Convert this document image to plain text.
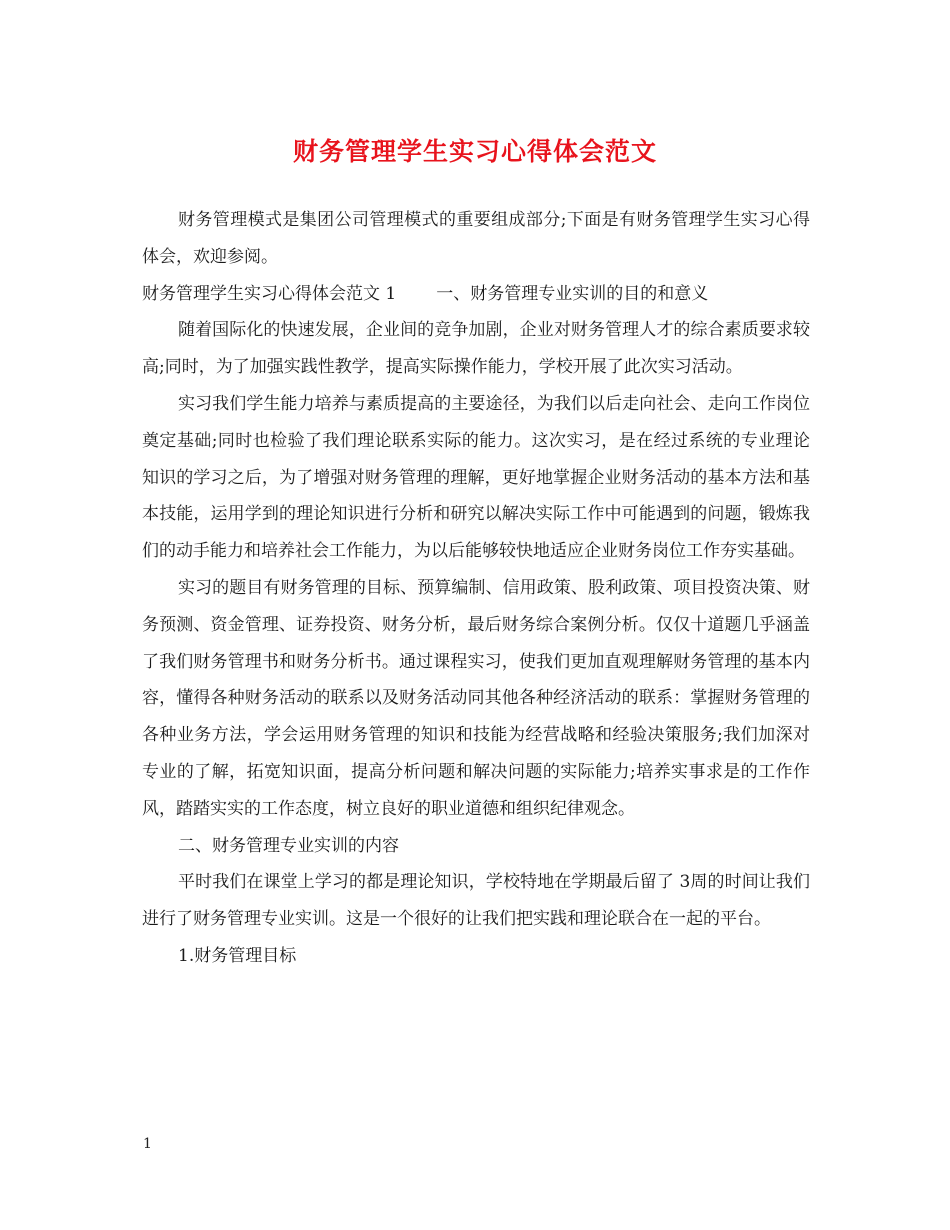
财务管理学生实习心得体会范文

财务管理模式是集团公司管理模式的重要组成部分;下面是有财务管理学生实习心得体会，欢迎参阅。

财务管理学生实习心得体会范文 1 一、财务管理专业实训的目的和意义

随着国际化的快速发展，企业间的竞争加剧，企业对财务管理人才的综合素质要求较高;同时，为了加强实践性教学，提高实际操作能力，学校开展了此次实习活动。

实习我们学生能力培养与素质提高的主要途径，为我们以后走向社会、走向工作岗位奠定基础;同时也检验了我们理论联系实际的能力。这次实习，是在经过系统的专业理论知识的学习之后，为了增强对财务管理的理解，更好地掌握企业财务活动的基本方法和基本技能，运用学到的理论知识进行分析和研究以解决实际工作中可能遇到的问题，锻炼我们的动手能力和培养社会工作能力，为以后能够较快地适应企业财务岗位工作夯实基础。

实习的题目有财务管理的目标、预算编制、信用政策、股利政策、项目投资决策、财务预测、资金管理、证券投资、财务分析，最后财务综合案例分析。仅仅十道题几乎涵盖了我们财务管理书和财务分析书。通过课程实习，使我们更加直观理解财务管理的基本内容，懂得各种财务活动的联系以及财务活动同其他各种经济活动的联系：掌握财务管理的各种业务方法，学会运用财务管理的知识和技能为经营战略和经验决策服务;我们加深对专业的了解，拓宽知识面，提高分析问题和解决问题的实际能力;培养实事求是的工作作风，踏踏实实的工作态度，树立良好的职业道德和组织纪律观念。

二、财务管理专业实训的内容

平时我们在课堂上学习的都是理论知识，学校特地在学期最后留了 3周的时间让我们进行了财务管理专业实训。这是一个很好的让我们把实践和理论联合在一起的平台。

1.财务管理目标

1
